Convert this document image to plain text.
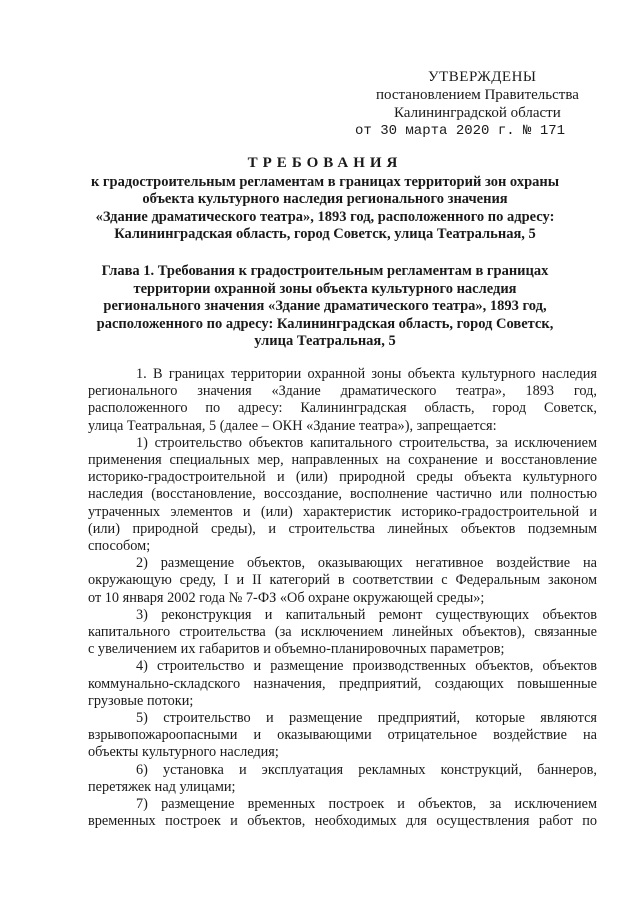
УТВЕРЖДЕНЫ
постановлением Правительства
Калининградской области
от 30 марта 2020 г. № 171
ТРЕБОВАНИЯ
к градостроительным регламентам в границах территорий зон охраны
объекта культурного наследия регионального значения
«Здание драматического театра», 1893 год, расположенного по адресу:
Калининградская область, город Советск, улица Театральная, 5
Глава 1. Требования к градостроительным регламентам в границах
территории охранной зоны объекта культурного наследия
регионального значения «Здание драматического театра», 1893 год,
расположенного по адресу: Калининградская область, город Советск,
улица Театральная, 5
1. В границах территории охранной зоны объекта культурного наследия
регионального значения «Здание драматического театра», 1893 год,
расположенного по адресу: Калининградская область, город Советск,
улица Театральная, 5 (далее – ОКН «Здание театра»), запрещается:
1) строительство объектов капитального строительства, за исключением
применения специальных мер, направленных на сохранение и восстановление
историко-градостроительной и (или) природной среды объекта культурного
наследия (восстановление, воссоздание, восполнение частично или полностью
утраченных элементов и (или) характеристик историко-градостроительной и
(или) природной среды), и строительства линейных объектов подземным
способом;
2) размещение объектов, оказывающих негативное воздействие на
окружающую среду, I и II категорий в соответствии с Федеральным законом
от 10 января 2002 года № 7-ФЗ «Об охране окружающей среды»;
3) реконструкция и капитальный ремонт существующих объектов
капитального строительства (за исключением линейных объектов), связанные
с увеличением их габаритов и объемно-планировочных параметров;
4) строительство и размещение производственных объектов, объектов
коммунально-складского назначения, предприятий, создающих повышенные
грузовые потоки;
5) строительство и размещение предприятий, которые являются
взрывопожароопасными и оказывающими отрицательное воздействие на
объекты культурного наследия;
6) установка и эксплуатация рекламных конструкций, баннеров,
перетяжек над улицами;
7) размещение временных построек и объектов, за исключением
временных построек и объектов, необходимых для осуществления работ по
